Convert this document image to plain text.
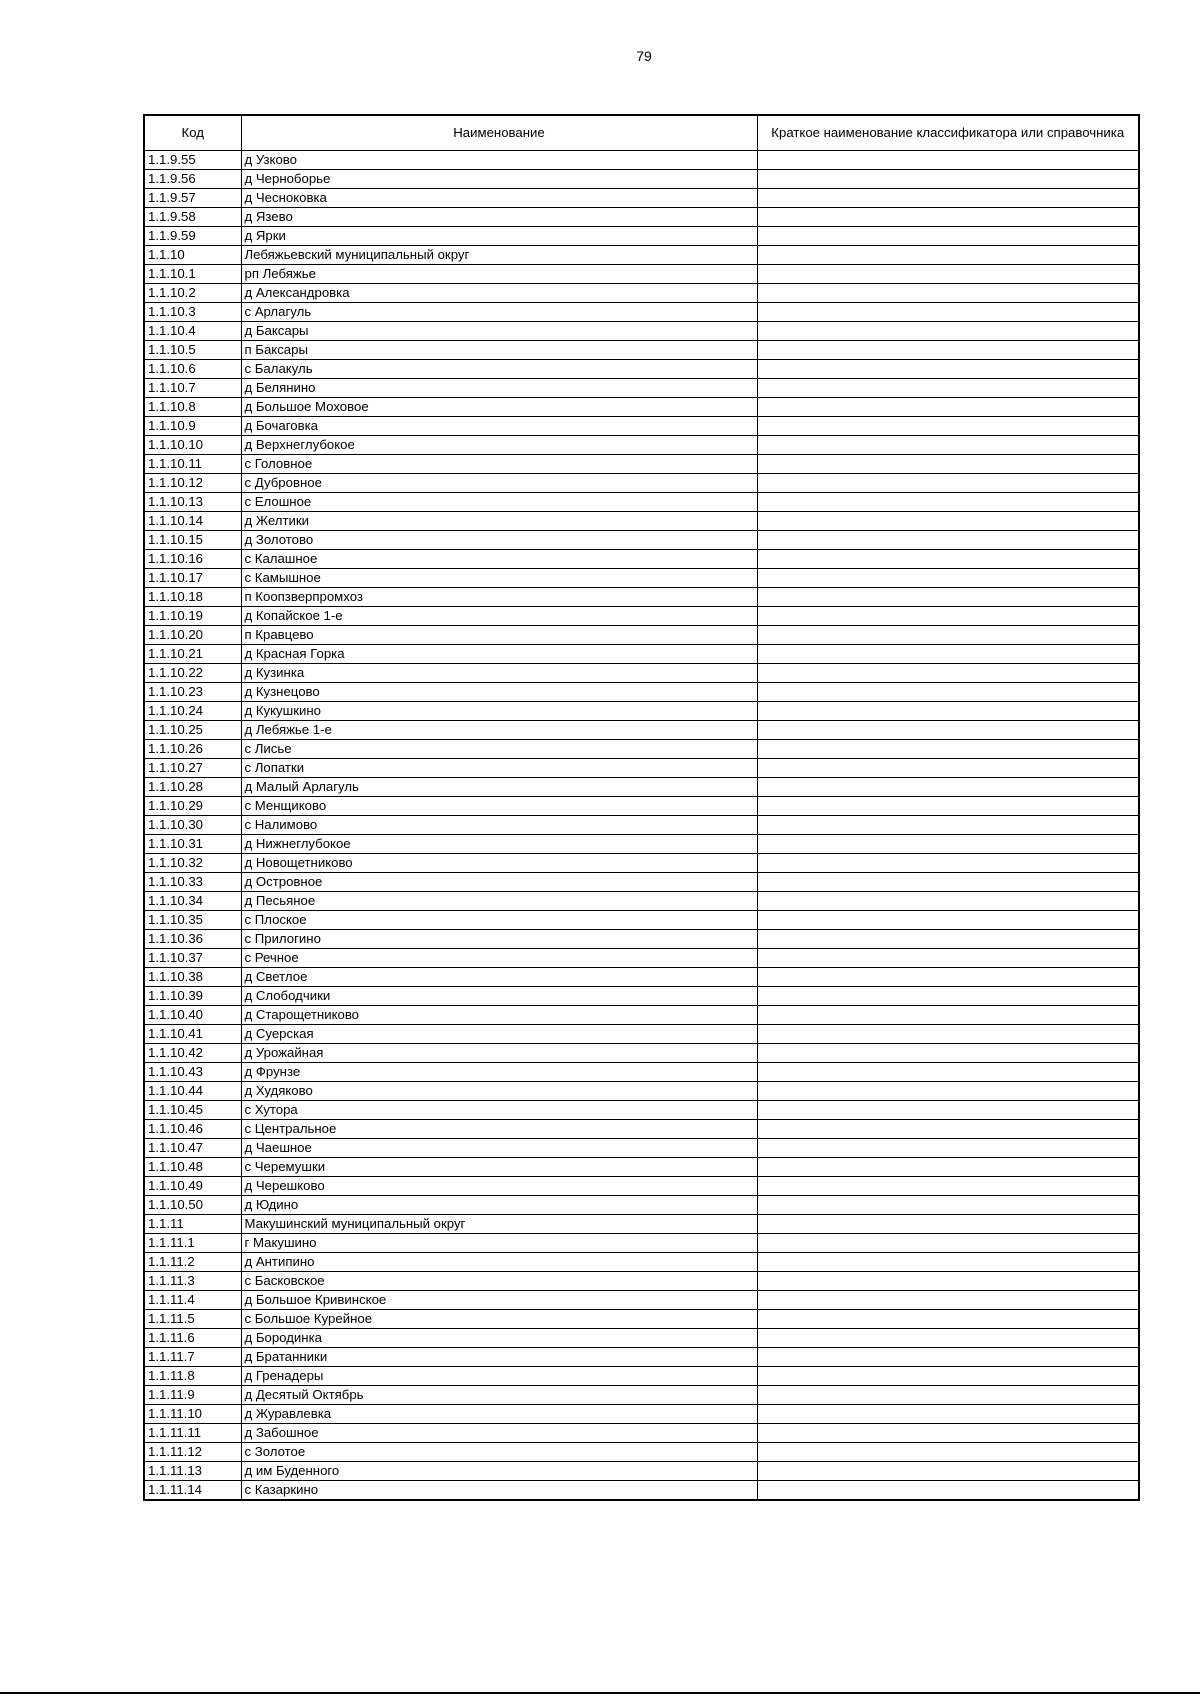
79
Код	Наименование	Краткое наименование классификатора или справочника
1.1.9.55	д Узково	
1.1.9.56	д Черноборье	
1.1.9.57	д Чесноковка	
1.1.9.58	д Язево	
1.1.9.59	д Ярки	
1.1.10	Лебяжьевский муниципальный округ	
1.1.10.1	рп Лебяжье	
1.1.10.2	д Александровка	
1.1.10.3	с Арлагуль	
1.1.10.4	д Баксары	
1.1.10.5	п Баксары	
1.1.10.6	с Балакуль	
1.1.10.7	д Белянино	
1.1.10.8	д Большое Моховое	
1.1.10.9	д Бочаговка	
1.1.10.10	д Верхнеглубокое	
1.1.10.11	с Головное	
1.1.10.12	с Дубровное	
1.1.10.13	с Елошное	
1.1.10.14	д Желтики	
1.1.10.15	д Золотово	
1.1.10.16	с Калашное	
1.1.10.17	с Камышное	
1.1.10.18	п Коопзверпромхоз	
1.1.10.19	д Копайское 1-е	
1.1.10.20	п Кравцево	
1.1.10.21	д Красная Горка	
1.1.10.22	д Кузинка	
1.1.10.23	д Кузнецово	
1.1.10.24	д Кукушкино	
1.1.10.25	д Лебяжье 1-е	
1.1.10.26	с Лисье	
1.1.10.27	с Лопатки	
1.1.10.28	д Малый Арлагуль	
1.1.10.29	с Менщиково	
1.1.10.30	с Налимово	
1.1.10.31	д Нижнеглубокое	
1.1.10.32	д Новощетниково	
1.1.10.33	д Островное	
1.1.10.34	д Песьяное	
1.1.10.35	с Плоское	
1.1.10.36	с Прилогино	
1.1.10.37	с Речное	
1.1.10.38	д Светлое	
1.1.10.39	д Слободчики	
1.1.10.40	д Старощетниково	
1.1.10.41	д Суерская	
1.1.10.42	д Урожайная	
1.1.10.43	д Фрунзе	
1.1.10.44	д Худяково	
1.1.10.45	с Хутора	
1.1.10.46	с Центральное	
1.1.10.47	д Чаешное	
1.1.10.48	с Черемушки	
1.1.10.49	д Черешково	
1.1.10.50	д Юдино	
1.1.11	Макушинский муниципальный округ	
1.1.11.1	г Макушино	
1.1.11.2	д Антипино	
1.1.11.3	с Басковское	
1.1.11.4	д Большое Кривинское	
1.1.11.5	с Большое Курейное	
1.1.11.6	д Бородинка	
1.1.11.7	д Братанники	
1.1.11.8	д Гренадеры	
1.1.11.9	д Десятый Октябрь	
1.1.11.10	д Журавлевка	
1.1.11.11	д Забошное	
1.1.11.12	с Золотое	
1.1.11.13	д им Буденного	
1.1.11.14	с Казаркино	
